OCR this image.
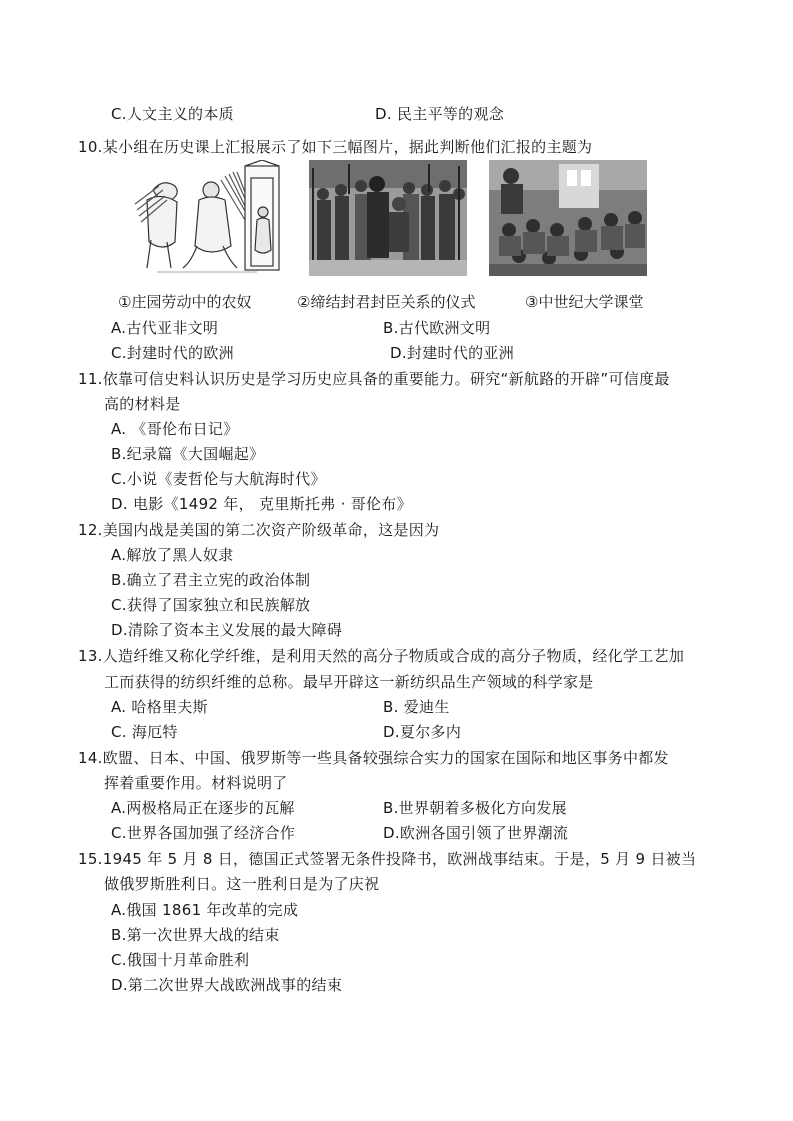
C.人文主义的本质	D. 民主平等的观念
10.某小组在历史课上汇报展示了如下三幅图片，据此判断他们汇报的主题为
①庄园劳动中的农奴	②缔结封君封臣关系的仪式	③中世纪大学课堂
A.古代亚非文明	B.古代欧洲文明
C.封建时代的欧洲	D.封建时代的亚洲
11.依靠可信史料认识历史是学习历史应具备的重要能力。研究“新航路的开辟”可信度最
高的材料是
A. 《哥伦布日记》
B.纪录篇《大国崛起》
C.小说《麦哲伦与大航海时代》
D. 电影《1492 年， 克里斯托弗 · 哥伦布》
12.美国内战是美国的第二次资产阶级革命，这是因为
A.解放了黑人奴隶
B.确立了君主立宪的政治体制
C.获得了国家独立和民族解放
D.清除了资本主义发展的最大障碍
13.人造纤维又称化学纤维，是利用天然的高分子物质或合成的高分子物质，经化学工艺加
工而获得的纺织纤维的总称。最早开辟这一新纺织品生产领域的科学家是
A. 哈格里夫斯	B. 爱迪生
C. 海厄特	D.夏尔多内
14.欧盟、日本、中国、俄罗斯等一些具备较强综合实力的国家在国际和地区事务中都发
挥着重要作用。材料说明了
A.两极格局正在逐步的瓦解	B.世界朝着多极化方向发展
C.世界各国加强了经济合作	D.欧洲各国引领了世界潮流
15.1945 年 5 月 8 日，德国正式签署无条件投降书，欧洲战事结束。于是，5 月 9 日被当
做俄罗斯胜利日。这一胜利日是为了庆祝
A.俄国 1861 年改革的完成
B.第一次世界大战的结束
C.俄国十月革命胜利
D.第二次世界大战欧洲战事的结束
